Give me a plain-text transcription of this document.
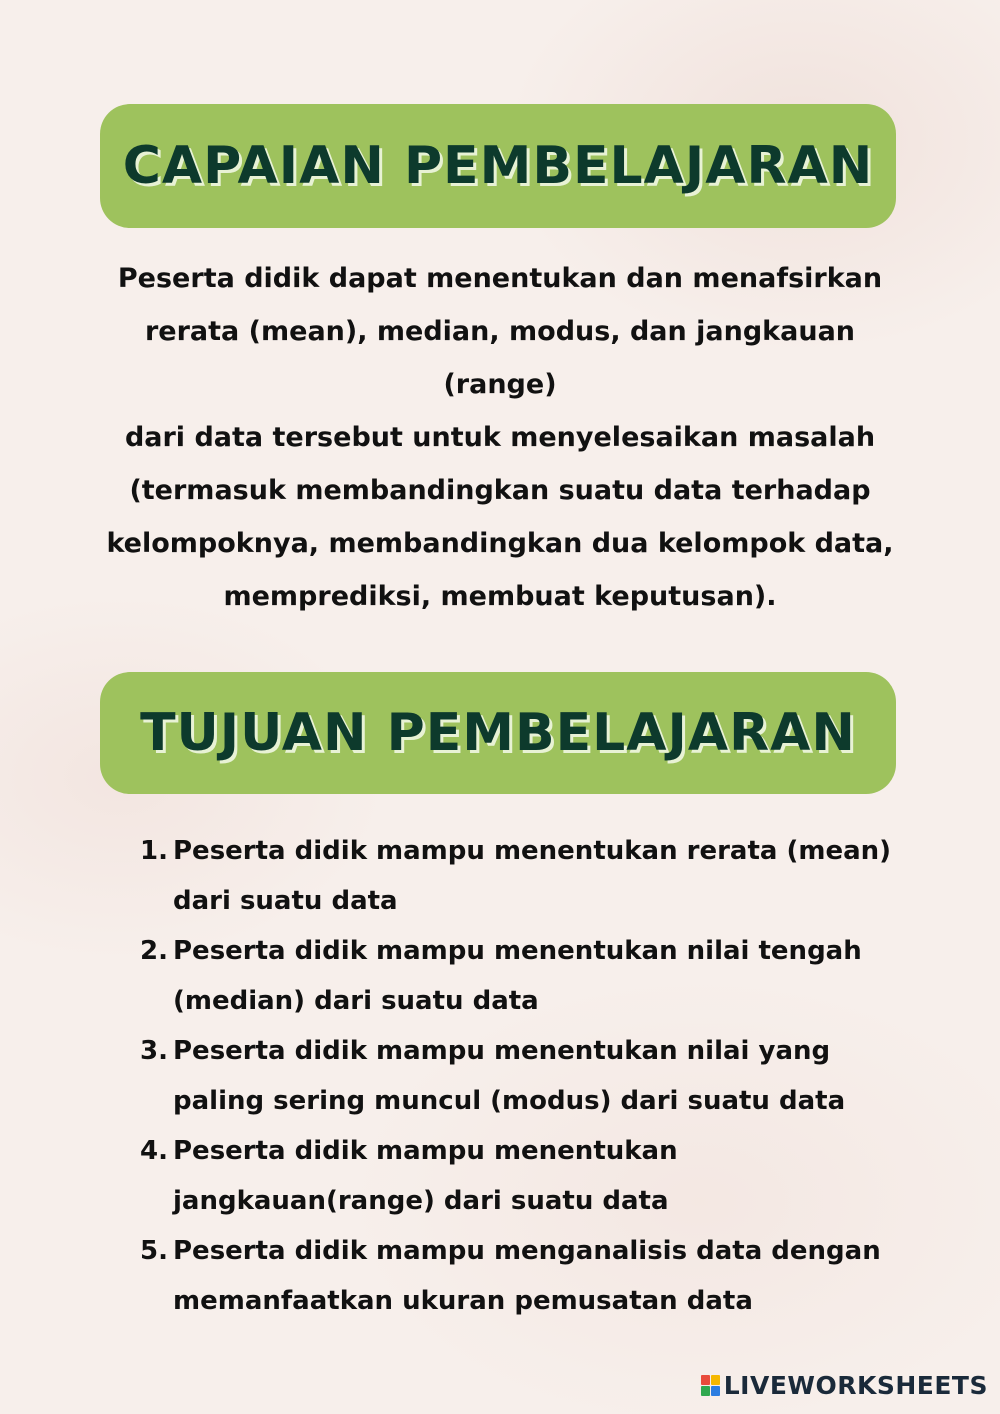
CAPAIAN PEMBELAJARAN
Peserta didik dapat menentukan dan menafsirkan
rerata (mean), median, modus, dan jangkauan (range)
dari data tersebut untuk menyelesaikan masalah
(termasuk membandingkan suatu data terhadap
kelompoknya, membandingkan dua kelompok data,
memprediksi, membuat keputusan).
TUJUAN PEMBELAJARAN
1. Peserta didik mampu menentukan rerata (mean) dari suatu data
2. Peserta didik mampu menentukan nilai tengah (median) dari suatu data
3. Peserta didik mampu menentukan nilai yang paling sering muncul (modus) dari suatu data
4. Peserta didik mampu menentukan jangkauan(range) dari suatu data
5. Peserta didik mampu menganalisis data dengan memanfaatkan ukuran pemusatan data
LIVEWORKSHEETS
